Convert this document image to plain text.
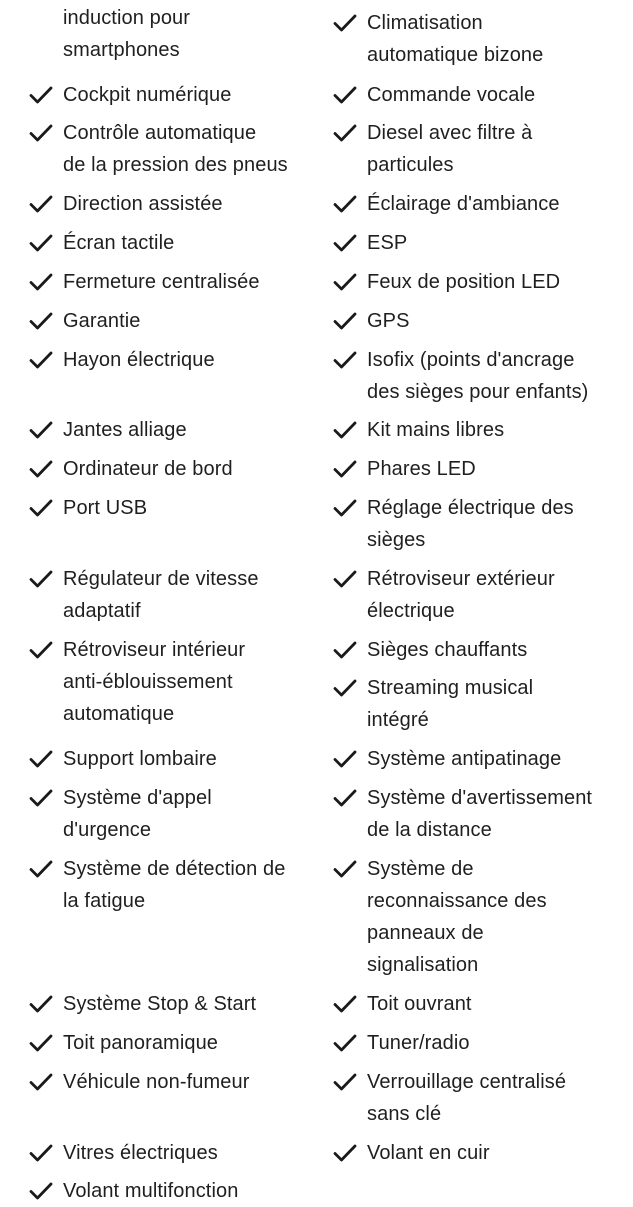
induction pour
smartphones
Cockpit numérique
Contrôle automatique
de la pression des pneus
Direction assistée
Écran tactile
Fermeture centralisée
Garantie
Hayon électrique
Jantes alliage
Ordinateur de bord
Port USB
Régulateur de vitesse
adaptatif
Rétroviseur intérieur
anti-éblouissement
automatique
Support lombaire
Système d'appel
d'urgence
Système de détection de
la fatigue
Système Stop & Start
Toit panoramique
Véhicule non-fumeur
Vitres électriques
Volant multifonction
Climatisation
automatique bizone
Commande vocale
Diesel avec filtre à
particules
Éclairage d'ambiance
ESP
Feux de position LED
GPS
Isofix (points d'ancrage
des sièges pour enfants)
Kit mains libres
Phares LED
Réglage électrique des
sièges
Rétroviseur extérieur
électrique
Sièges chauffants
Streaming musical
intégré
Système antipatinage
Système d'avertissement
de la distance
Système de
reconnaissance des
panneaux de
signalisation
Toit ouvrant
Tuner/radio
Verrouillage centralisé
sans clé
Volant en cuir
